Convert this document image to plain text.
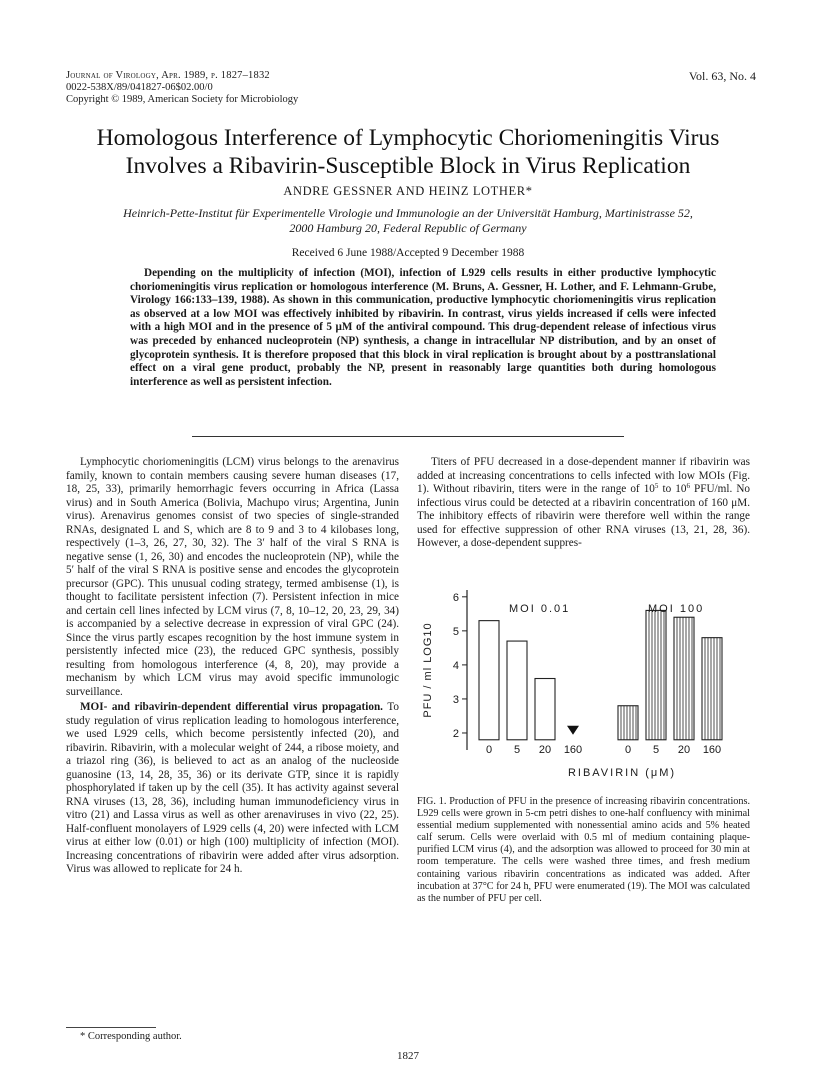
Journal of Virology, Apr. 1989, p. 1827–1832
0022-538X/89/041827-06$02.00/0
Copyright © 1989, American Society for Microbiology
Vol. 63, No. 4
Homologous Interference of Lymphocytic Choriomeningitis Virus
Involves a Ribavirin-Susceptible Block in Virus Replication
ANDRE GESSNER AND HEINZ LOTHER*
Heinrich-Pette-Institut für Experimentelle Virologie und Immunologie an der Universität Hamburg, Martinistrasse 52,
2000 Hamburg 20, Federal Republic of Germany
Received 6 June 1988/Accepted 9 December 1988
Depending on the multiplicity of infection (MOI), infection of L929 cells results in either productive lymphocytic choriomeningitis virus replication or homologous interference (M. Bruns, A. Gessner, H. Lother, and F. Lehmann-Grube, Virology 166:133–139, 1988). As shown in this communication, productive lymphocytic choriomeningitis virus replication as observed at a low MOI was effectively inhibited by ribavirin. In contrast, virus yields increased if cells were infected with a high MOI and in the presence of 5 μM of the antiviral compound. This drug-dependent release of infectious virus was preceded by enhanced nucleoprotein (NP) synthesis, a change in intracellular NP distribution, and by an onset of glycoprotein synthesis. It is therefore proposed that this block in viral replication is brought about by a posttranslational effect on a viral gene product, probably the NP, present in reasonably large quantities both during homologous interference as well as persistent infection.

Lymphocytic choriomeningitis (LCM) virus belongs to the arenavirus family, known to contain members causing severe human diseases (17, 18, 25, 33), primarily hemorrhagic fevers occurring in Africa (Lassa virus) and in South America (Bolivia, Machupo virus; Argentina, Junin virus). Arenavirus genomes consist of two species of single-stranded RNAs, designated L and S, which are 8 to 9 and 3 to 4 kilobases long, respectively (1–3, 26, 27, 30, 32). The 3′ half of the viral S RNA is negative sense (1, 26, 30) and encodes the nucleoprotein (NP), while the 5′ half of the viral S RNA is positive sense and encodes the glycoprotein precursor (GPC). This unusual coding strategy, termed ambisense (1), is thought to facilitate persistent infection (7). Persistent infection in mice and certain cell lines infected by LCM virus (7, 8, 10–12, 20, 23, 29, 34) is accompanied by a selective decrease in expression of viral GPC (24). Since the virus partly escapes recognition by the host immune system in persistently infected mice (23), the reduced GPC synthesis, possibly resulting from homologous interference (4, 8, 20), may provide a mechanism by which LCM virus may avoid specific immunologic surveillance.

MOI- and ribavirin-dependent differential virus propagation. To study regulation of virus replication leading to homologous interference, we used L929 cells, which become persistently infected (20), and ribavirin. Ribavirin, with a molecular weight of 244, a ribose moiety, and a triazol ring (36), is believed to act as an analog of the nucleoside guanosine (13, 14, 28, 35, 36) or its derivate GTP, since it is rapidly phosphorylated if taken up by the cell (35). It has activity against several RNA viruses (13, 28, 36), including human immunodeficiency virus in vitro (21) and Lassa virus as well as other arenaviruses in vivo (22, 25). Half-confluent monolayers of L929 cells (4, 20) were infected with LCM virus at either low (0.01) or high (100) multiplicity of infection (MOI). Increasing concentrations of ribavirin were added after virus adsorption. Virus was allowed to replicate for 24 h.

Titers of PFU decreased in a dose-dependent manner if ribavirin was added at increasing concentrations to cells infected with low MOIs (Fig. 1). Without ribavirin, titers were in the range of $10^5$ to $10^6$ PFU/ml. No infectious virus could be detected at a ribavirin concentration of 160 μM. The inhibitory effects of ribavirin were therefore well within the range used for effective suppression of other RNA viruses (13, 21, 28, 36). However, a dose-dependent suppres-

2
3
4
5
6
PFU / ml LOG10
MOI 0.01
0 5 20 160
MOI 100
0 5 20 160
RIBAVIRIN (μM)
FIG. 1. Production of PFU in the presence of increasing ribavirin concentrations. L929 cells were grown in 5-cm petri dishes to one-half confluency with minimal essential medium supplemented with nonessential amino acids and 5% heated calf serum. Cells were overlaid with 0.5 ml of medium containing plaque-purified LCM virus (4), and the adsorption was allowed to proceed for 30 min at room temperature. The cells were washed three times, and fresh medium containing various ribavirin concentrations as indicated was added. After incubation at 37°C for 24 h, PFU were enumerated (19). The MOI was calculated as the number of PFU per cell.
* Corresponding author.
1827
